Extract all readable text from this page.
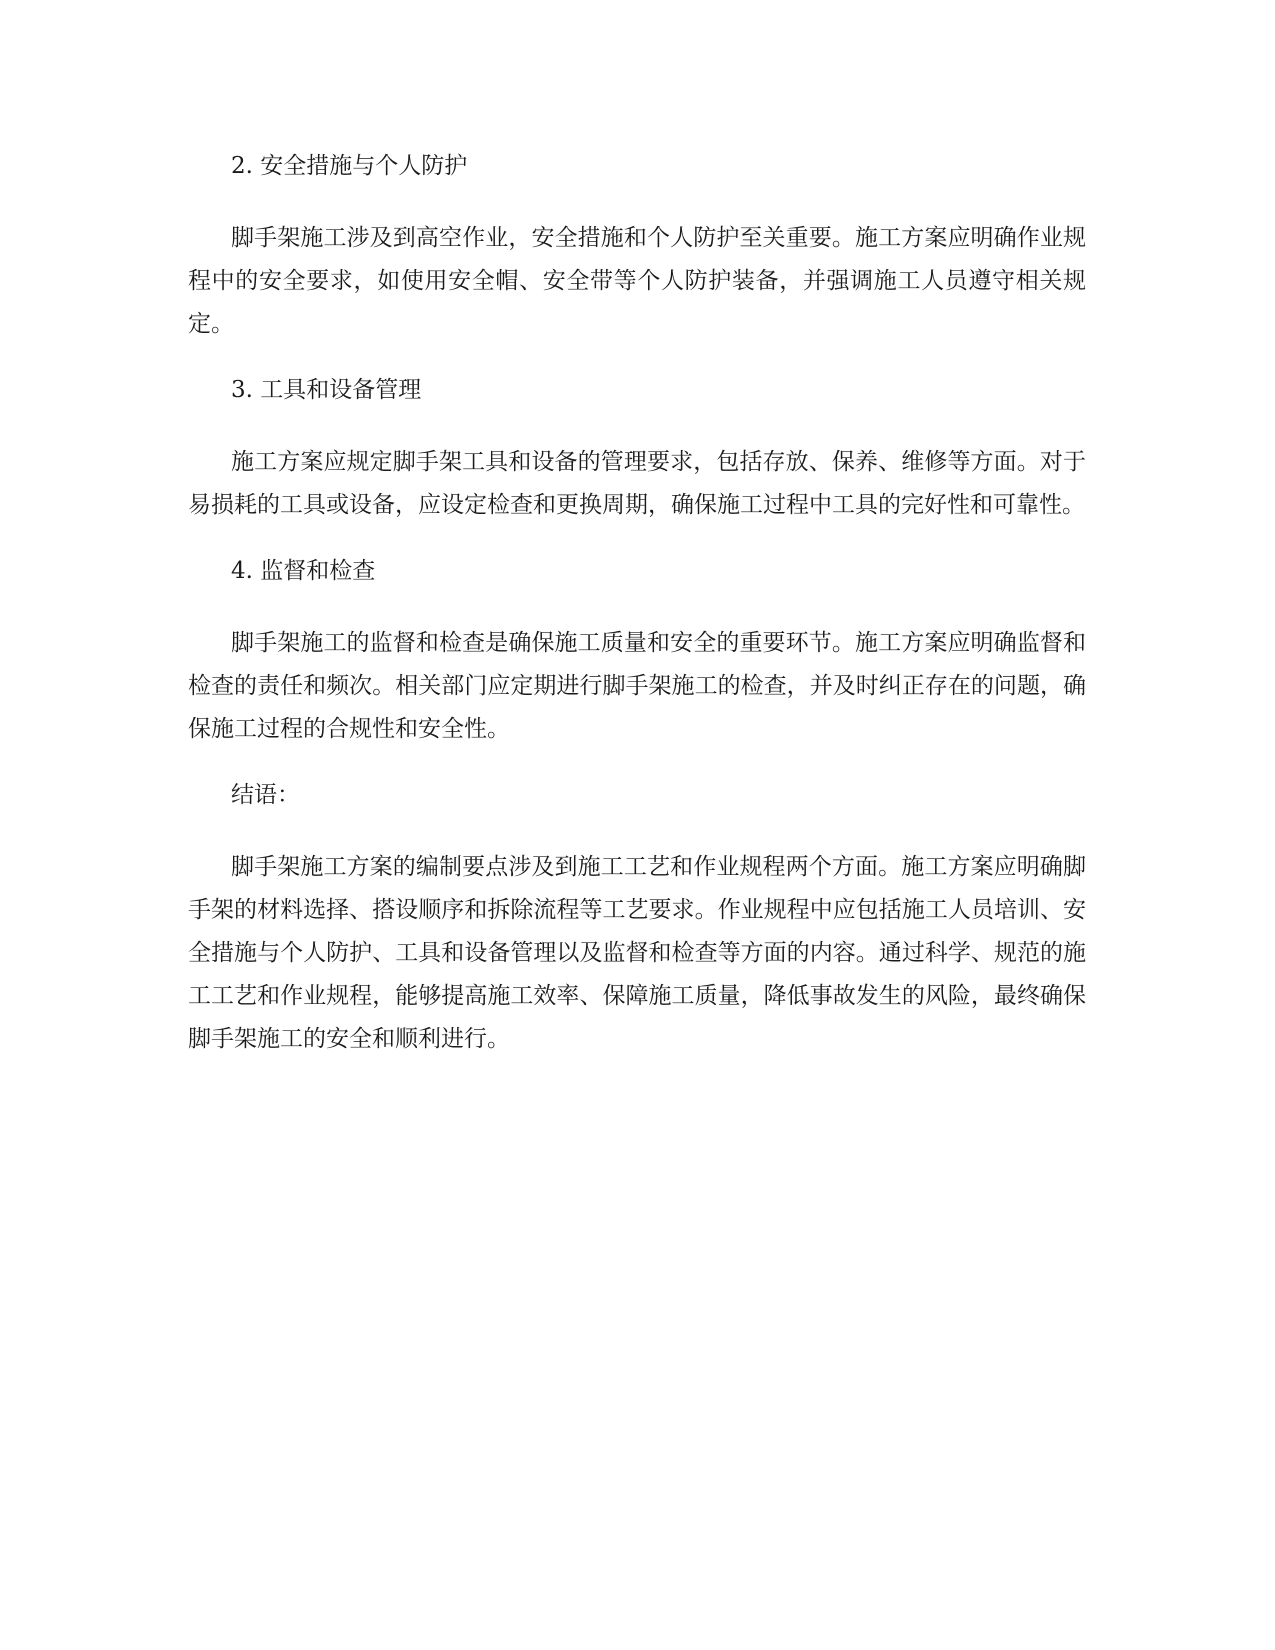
2. 安全措施与个人防护

脚手架施工涉及到高空作业，安全措施和个人防护至关重要。施工方案应明确作业规程中的安全要求，如使用安全帽、安全带等个人防护装备，并强调施工人员遵守相关规定。

3. 工具和设备管理

施工方案应规定脚手架工具和设备的管理要求，包括存放、保养、维修等方面。对于易损耗的工具或设备，应设定检查和更换周期，确保施工过程中工具的完好性和可靠性。

4. 监督和检查

脚手架施工的监督和检查是确保施工质量和安全的重要环节。施工方案应明确监督和检查的责任和频次。相关部门应定期进行脚手架施工的检查，并及时纠正存在的问题，确保施工过程的合规性和安全性。

结语：

脚手架施工方案的编制要点涉及到施工工艺和作业规程两个方面。施工方案应明确脚手架的材料选择、搭设顺序和拆除流程等工艺要求。作业规程中应包括施工人员培训、安全措施与个人防护、工具和设备管理以及监督和检查等方面的内容。通过科学、规范的施工工艺和作业规程，能够提高施工效率、保障施工质量，降低事故发生的风险，最终确保脚手架施工的安全和顺利进行。
